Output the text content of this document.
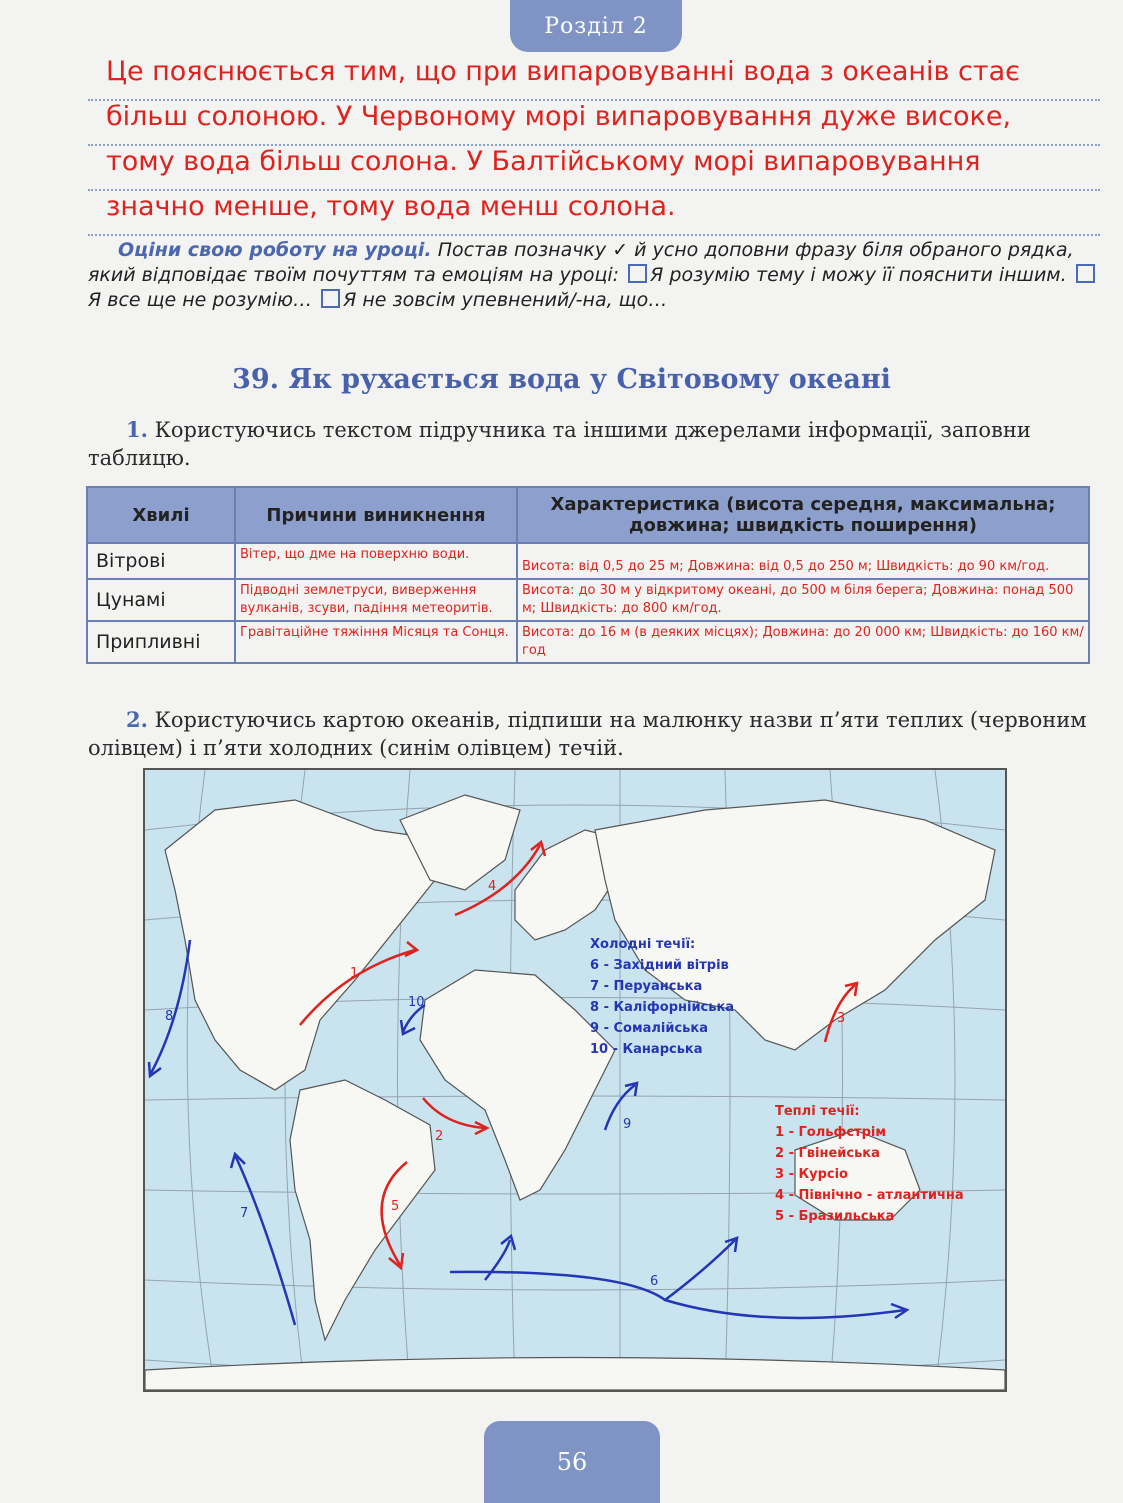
Розділ 2
Це пояснюється тим, що при випаровуванні вода з океанів стає
більш солоною. У Червоному морі випаровування дуже високе,
тому вода більш солона. У Балтійському морі випаровування
значно менше, тому вода менш солона.
Оціни свою роботу на уроці. Постав позначку ✓ й усно доповни фразу біля обраного рядка, який відповідає твоїм почуттям та емоціям на уроці: Я розумію тему і можу її пояснити іншим. Я все ще не розумію… Я не зовсім упевнений/-на, що…
39. Як рухається вода у Світовому океані
1. Користуючись текстом підручника та іншими джерелами інформації, заповни таблицю.
Хвилі	Причини виникнення	Характеристика (висота середня, максимальна; довжина; швидкість поширення)
Вітрові	Вітер, що дме на поверхню води.	Висота: від 0,5 до 25 м; Довжина: від 0,5 до 250 м; Швидкість: до 90 км/год.
Цунамі	Підводні землетруси, виверження вулканів, зсуви, падіння метеоритів.	Висота: до 30 м у відкритому океані, до 500 м біля берега; Довжина: понад 500 м; Швидкість: до 800 км/год.
Припливні	Гравітаційне тяжіння Місяця та Сонця.	Висота: до 16 м (в деяких місцях); Довжина: до 20 000 км; Швидкість: до 160 км/год
2. Користуючись картою океанів, підпиши на малюнку назви п’яти теплих (червоним олівцем) і п’яти холодних (синім олівцем) течій.
1
2
3
4
5
6
7
8
9
10
Холодні течії:
6 - Західний вітрів
7 - Перуанська
8 - Каліфорнійська
9 - Сомалійська
10 - Канарська
Теплі течії:
1 - Гольфстрім
2 - Гвінейська
3 - Курсіо
4 - Північно - атлантична
5 - Бразильська
56
